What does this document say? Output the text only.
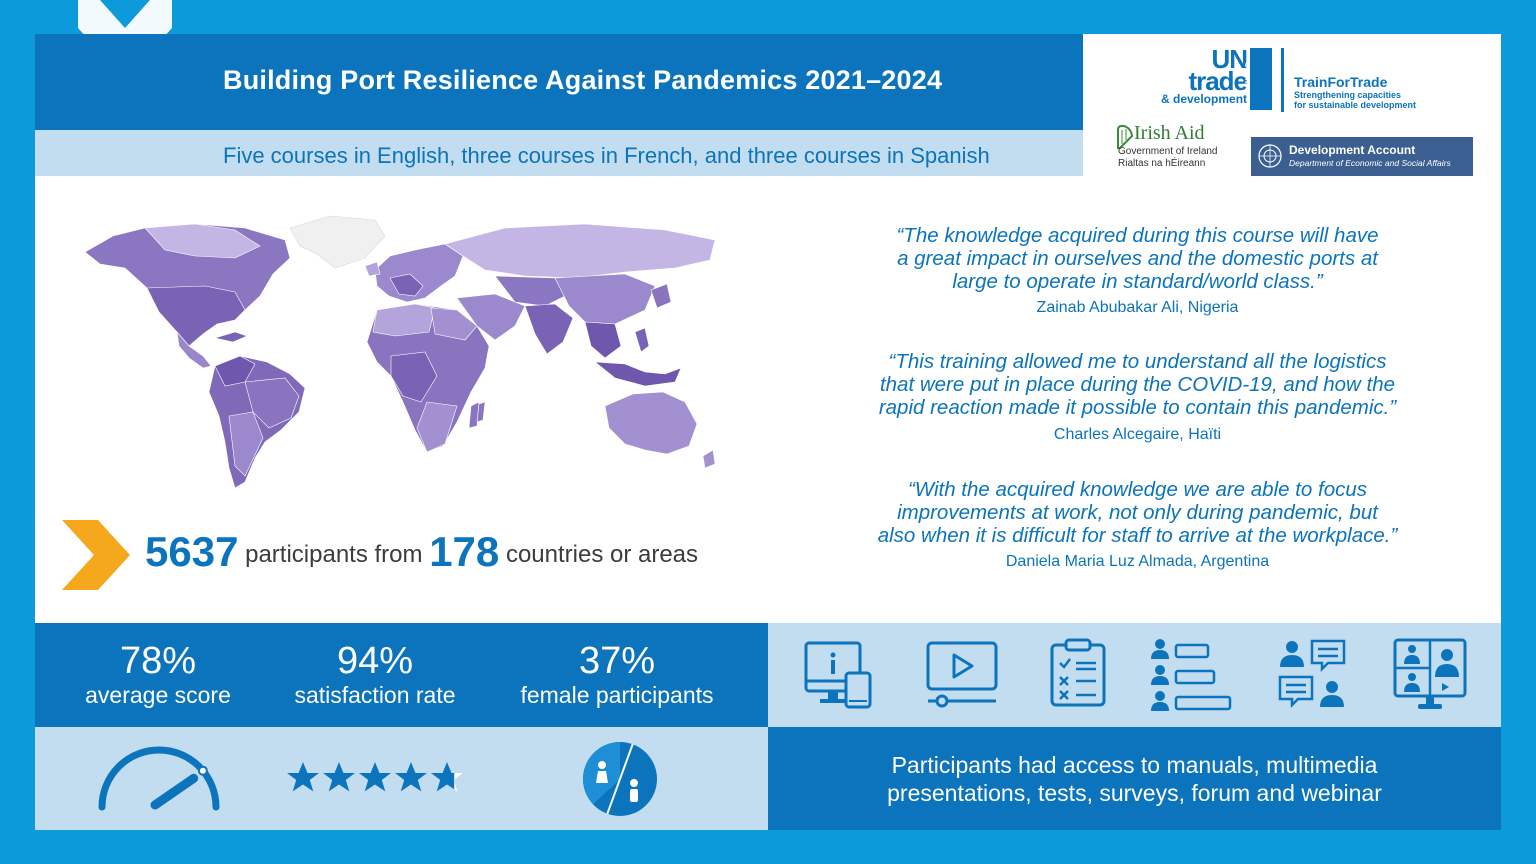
Building Port Resilience Against Pandemics 2021–2024
Five courses in English, three courses in French, and three courses in Spanish
UN
trade
& development
UNCTAD	TrainForTrade
Strengthening capacities
for sustainable development
Irish Aid
Government of Ireland
Rialtas na hÉireann
Development Account
Department of Economic and Social Affairs
5637 participants from 178 countries or areas
“The knowledge acquired during this course will have
a great impact in ourselves and the domestic ports at
large to operate in standard/world class.”
Zainab Abubakar Ali, Nigeria
“This training allowed me to understand all the logistics
that were put in place during the COVID-19, and how the
rapid reaction made it possible to contain this pandemic.”
Charles Alcegaire, Haïti
“With the acquired knowledge we are able to focus
improvements at work, not only during pandemic, but
also when it is difficult for staff to arrive at the workplace.”
Daniela Maria Luz Almada, Argentina
78%
average score
94%
satisfaction rate
37%
female participants
Participants had access to manuals, multimedia
presentations, tests, surveys, forum and webinar
